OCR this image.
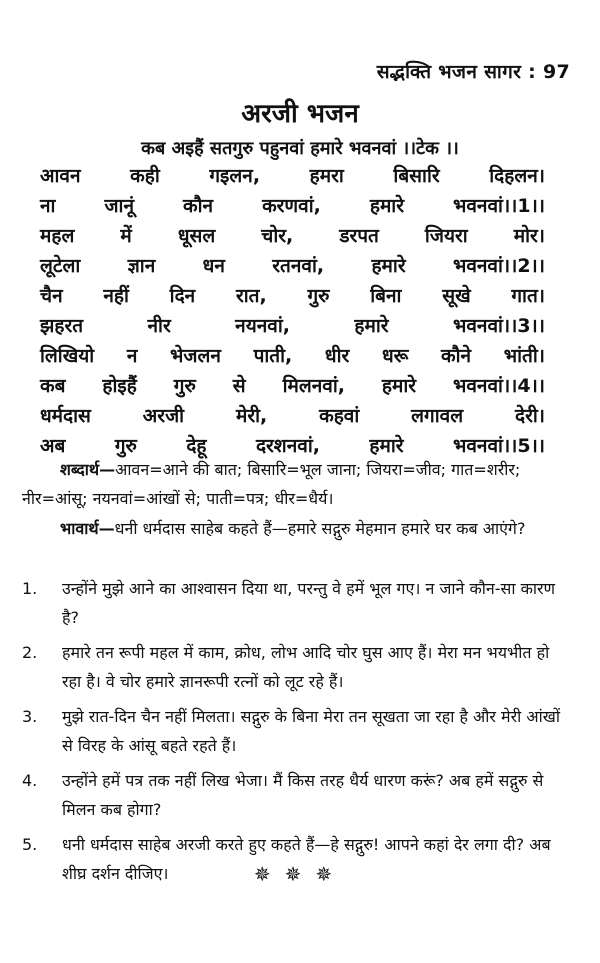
सद्भक्ति भजन सागर : 97
अरजी भजन
कब अइहैं सतगुरु पहुनवां हमारे भवनवां ।।टेक ।।
आवन	कही	गइलन,	हमरा	बिसारि	दिहलन।
ना	जानूं	कौन	करणवां,	हमारे	भवनवां।।1।।
महल में धूसल चोर, डरपत जियरा मोर।
लूटेला ज्ञान धन रतनवां, हमारे भवनवां।।2।।
चैन नहीं दिन रात, गुरु बिना सूखे गात।
झहरत	नीर	नयनवां,	हमारे	भवनवां।।3।।
लिखियो न भेजलन पाती, धीर धरू कौने भांती।
कब होइहैं गुरु से मिलनवां, हमारे भवनवां।।4।।
धर्मदास	अरजी	मेरी,	कहवां	लगावल	देरी।
अब	गुरु	देहू	दरशनवां,	हमारे	भवनवां।।5।।
शब्दार्थ—आवन=आने की बात; बिसारि=भूल जाना; जियरा=जीव; गात=शरीर; नीर=आंसू; नयनवां=आंखों से; पाती=पत्र; धीर=धैर्य।
भावार्थ—धनी धर्मदास साहेब कहते हैं—हमारे सद्गुरु मेहमान हमारे घर कब आएंगे?
1. उन्होंने मुझे आने का आश्वासन दिया था, परन्तु वे हमें भूल गए। न जाने कौन-सा कारण है?
2. हमारे तन रूपी महल में काम, क्रोध, लोभ आदि चोर घुस आए हैं। मेरा मन भयभीत हो रहा है। वे चोर हमारे ज्ञानरूपी रत्नों को लूट रहे हैं।
3. मुझे रात-दिन चैन नहीं मिलता। सद्गुरु के बिना मेरा तन सूखता जा रहा है और मेरी आंखों से विरह के आंसू बहते रहते हैं।
4. उन्होंने हमें पत्र तक नहीं लिख भेजा। मैं किस तरह धैर्य धारण करूं? अब हमें सद्गुरु से मिलन कब होगा?
5. धनी धर्मदास साहेब अरजी करते हुए कहते हैं—हे सद्गुरु! आपने कहां देर लगा दी? अब शीघ्र दर्शन दीजिए।	✵✵✵
